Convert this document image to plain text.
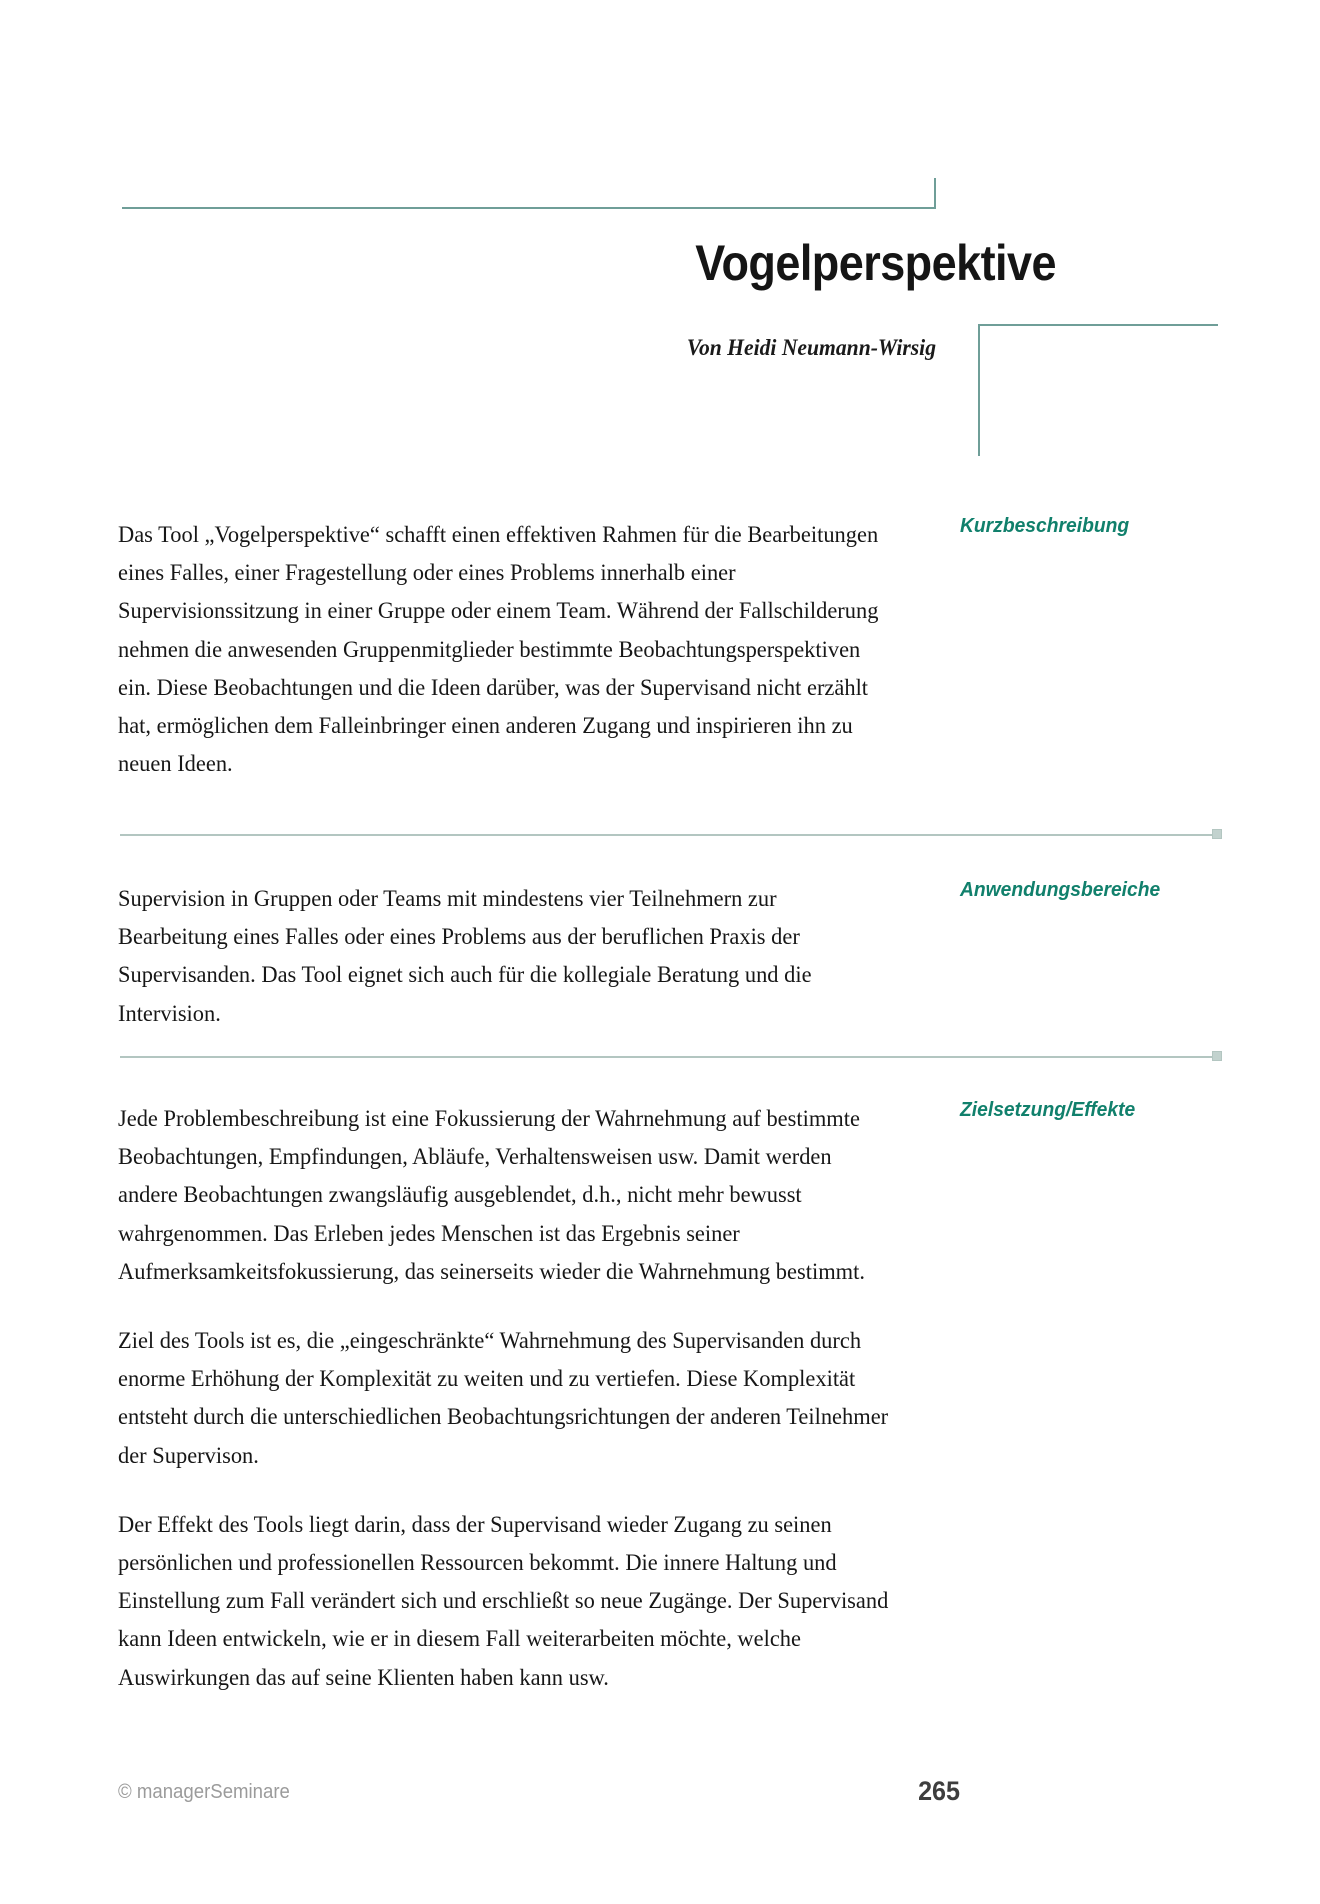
Vogelperspektive
Von Heidi Neumann-Wirsig
Kurzbeschreibung

Das Tool „Vogelperspektive“ schafft einen effektiven Rahmen für die Bearbeitungen eines Falles, einer Fragestellung oder eines Problems innerhalb einer Supervisionssitzung in einer Gruppe oder einem Team. Während der Fallschilderung nehmen die anwesenden Gruppenmitglieder bestimmte Beobachtungsperspektiven ein. Diese Beobachtungen und die Ideen darüber, was der Supervisand nicht erzählt hat, ermöglichen dem Falleinbringer einen anderen Zugang und inspirieren ihn zu neuen Ideen.

Anwendungsbereiche

Supervision in Gruppen oder Teams mit mindestens vier Teilnehmern zur Bearbeitung eines Falles oder eines Problems aus der beruflichen Praxis der Supervisanden. Das Tool eignet sich auch für die kollegiale Beratung und die Intervision.

Zielsetzung/Effekte

Jede Problembeschreibung ist eine Fokussierung der Wahrnehmung auf bestimmte Beobachtungen, Empfindungen, Abläufe, Verhaltensweisen usw. Damit werden andere Beobachtungen zwangsläufig ausgeblendet, d.h., nicht mehr bewusst wahrgenommen. Das Erleben jedes Menschen ist das Ergebnis seiner Aufmerksamkeitsfokussierung, das seinerseits wieder die Wahrnehmung bestimmt.

Ziel des Tools ist es, die „eingeschränkte“ Wahrnehmung des Supervisanden durch enorme Erhöhung der Komplexität zu weiten und zu vertiefen. Diese Komplexität entsteht durch die unterschiedlichen Beobachtungsrichtungen der anderen Teilnehmer der Supervison.

Der Effekt des Tools liegt darin, dass der Supervisand wieder Zugang zu seinen persönlichen und professionellen Ressourcen bekommt. Die innere Haltung und Einstellung zum Fall verändert sich und erschließt so neue Zugänge. Der Supervisand kann Ideen entwickeln, wie er in diesem Fall weiterarbeiten möchte, welche Auswirkungen das auf seine Klienten haben kann usw.

© managerSeminare	265
